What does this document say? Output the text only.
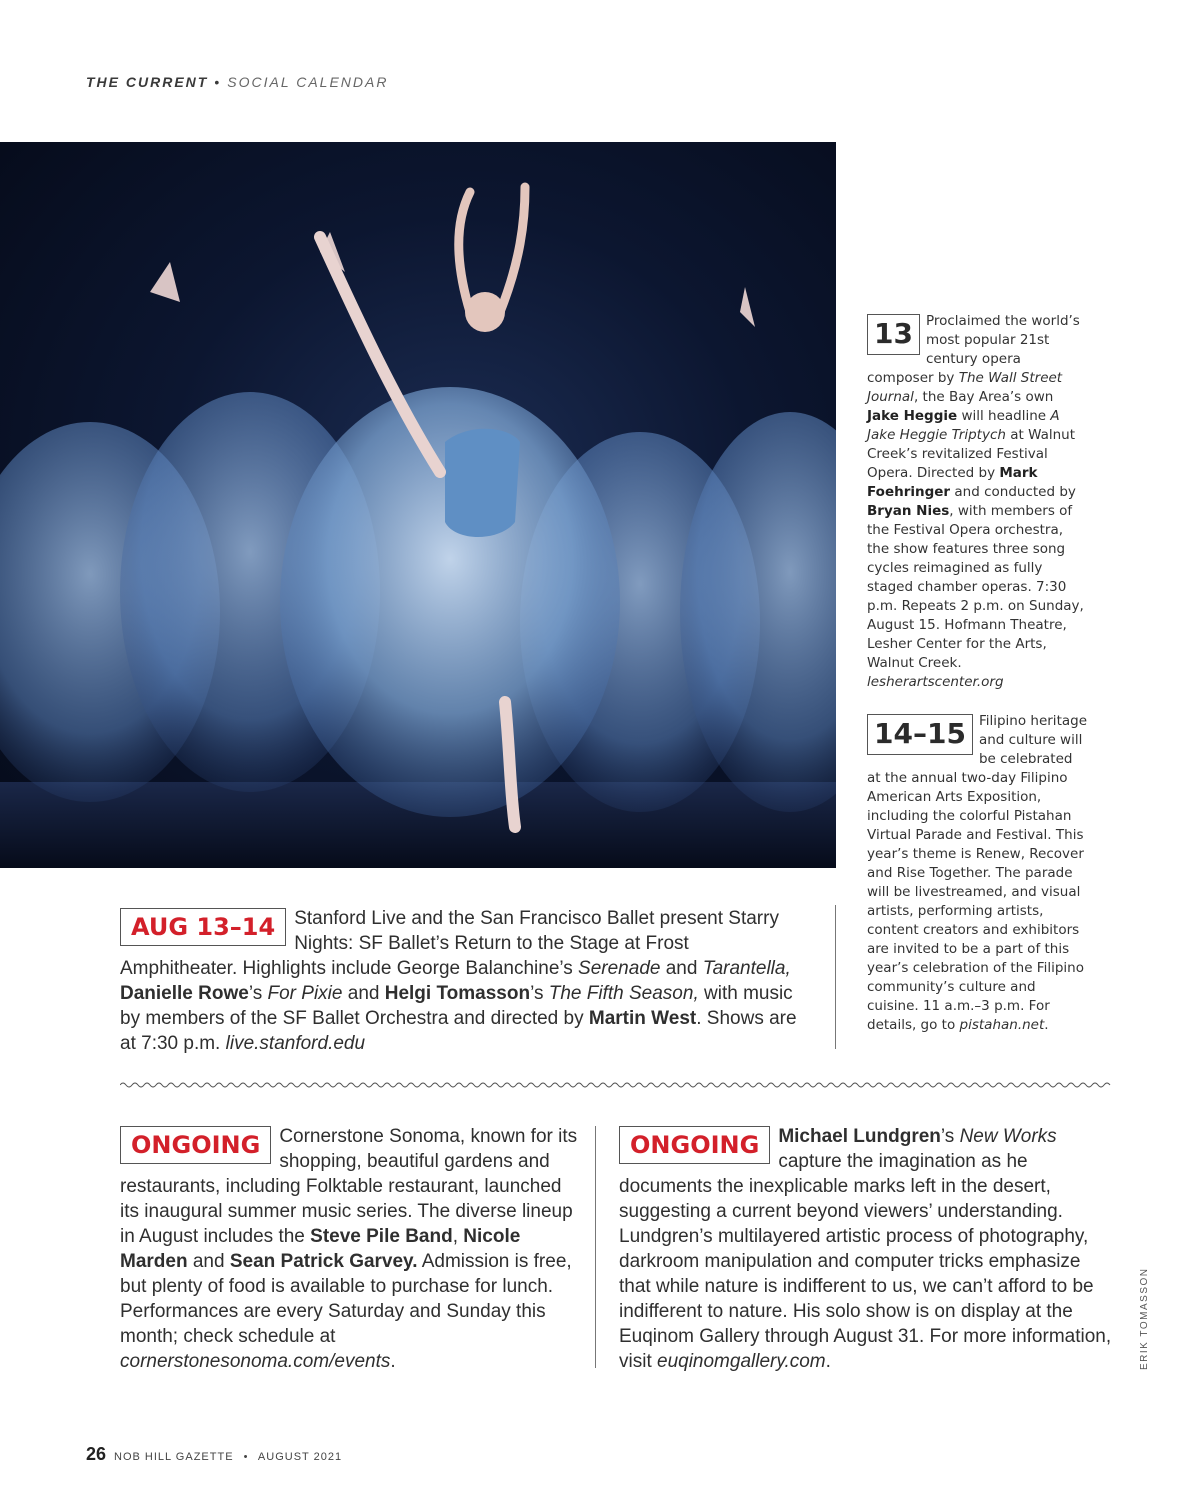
THE CURRENT • SOCIAL CALENDAR
13 Proclaimed the world’s most popular 21st century opera composer by The Wall Street Journal, the Bay Area’s own Jake Heggie will headline A Jake Heggie Triptych at Walnut Creek’s revitalized Festival Opera. Directed by Mark Foehringer and conducted by Bryan Nies, with members of the Festival Opera orchestra, the show features three song cycles reimagined as fully staged chamber operas. 7:30 p.m. Repeats 2 p.m. on Sunday, August 15. Hofmann Theatre, Lesher Center for the Arts, Walnut Creek. lesherartscenter.org
14–15 Filipino heritage and culture will be celebrated at the annual two-day Filipino American Arts Exposition, including the colorful Pistahan Virtual Parade and Festival. This year’s theme is Renew, Recover and Rise Together. The parade will be livestreamed, and visual artists, performing artists, content creators and exhibitors are invited to be a part of this year’s celebration of the Filipino community’s culture and cuisine. 11 a.m.–3 p.m. For details, go to pistahan.net.
AUG 13–14	Stanford Live and the San Francisco Ballet present Starry Nights: SF Ballet’s Return to the Stage at Frost Amphitheater. Highlights include George Balanchine’s Serenade and Tarantella, Danielle Rowe’s For Pixie and Helgi Tomasson’s The Fifth Season, with music by members of the SF Ballet Orchestra and directed by Martin West. Shows are at 7:30 p.m. live.stanford.edu
ONGOING	Cornerstone Sonoma, known for its shopping, beautiful gardens and restaurants, including Folktable restaurant, launched its inaugural summer music series. The diverse lineup in August includes the Steve Pile Band, Nicole Marden and Sean Patrick Garvey. Admission is free, but plenty of food is available to purchase for lunch. Performances are every Saturday and Sunday this month; check schedule at cornerstonesonoma.com/events.
ONGOING	Michael Lundgren’s New Works capture the imagination as he documents the inexplicable marks left in the desert, suggesting a current beyond viewers’ understanding. Lundgren’s multilayered artistic process of photography, darkroom manipulation and computer tricks emphasize that while nature is indifferent to us, we can’t afford to be indifferent to nature. His solo show is on display at the Euqinom Gallery through August 31. For more information, visit euqinomgallery.com.	ERIK TOMASSON
26 NOB HILL GAZETTE • AUGUST 2021
